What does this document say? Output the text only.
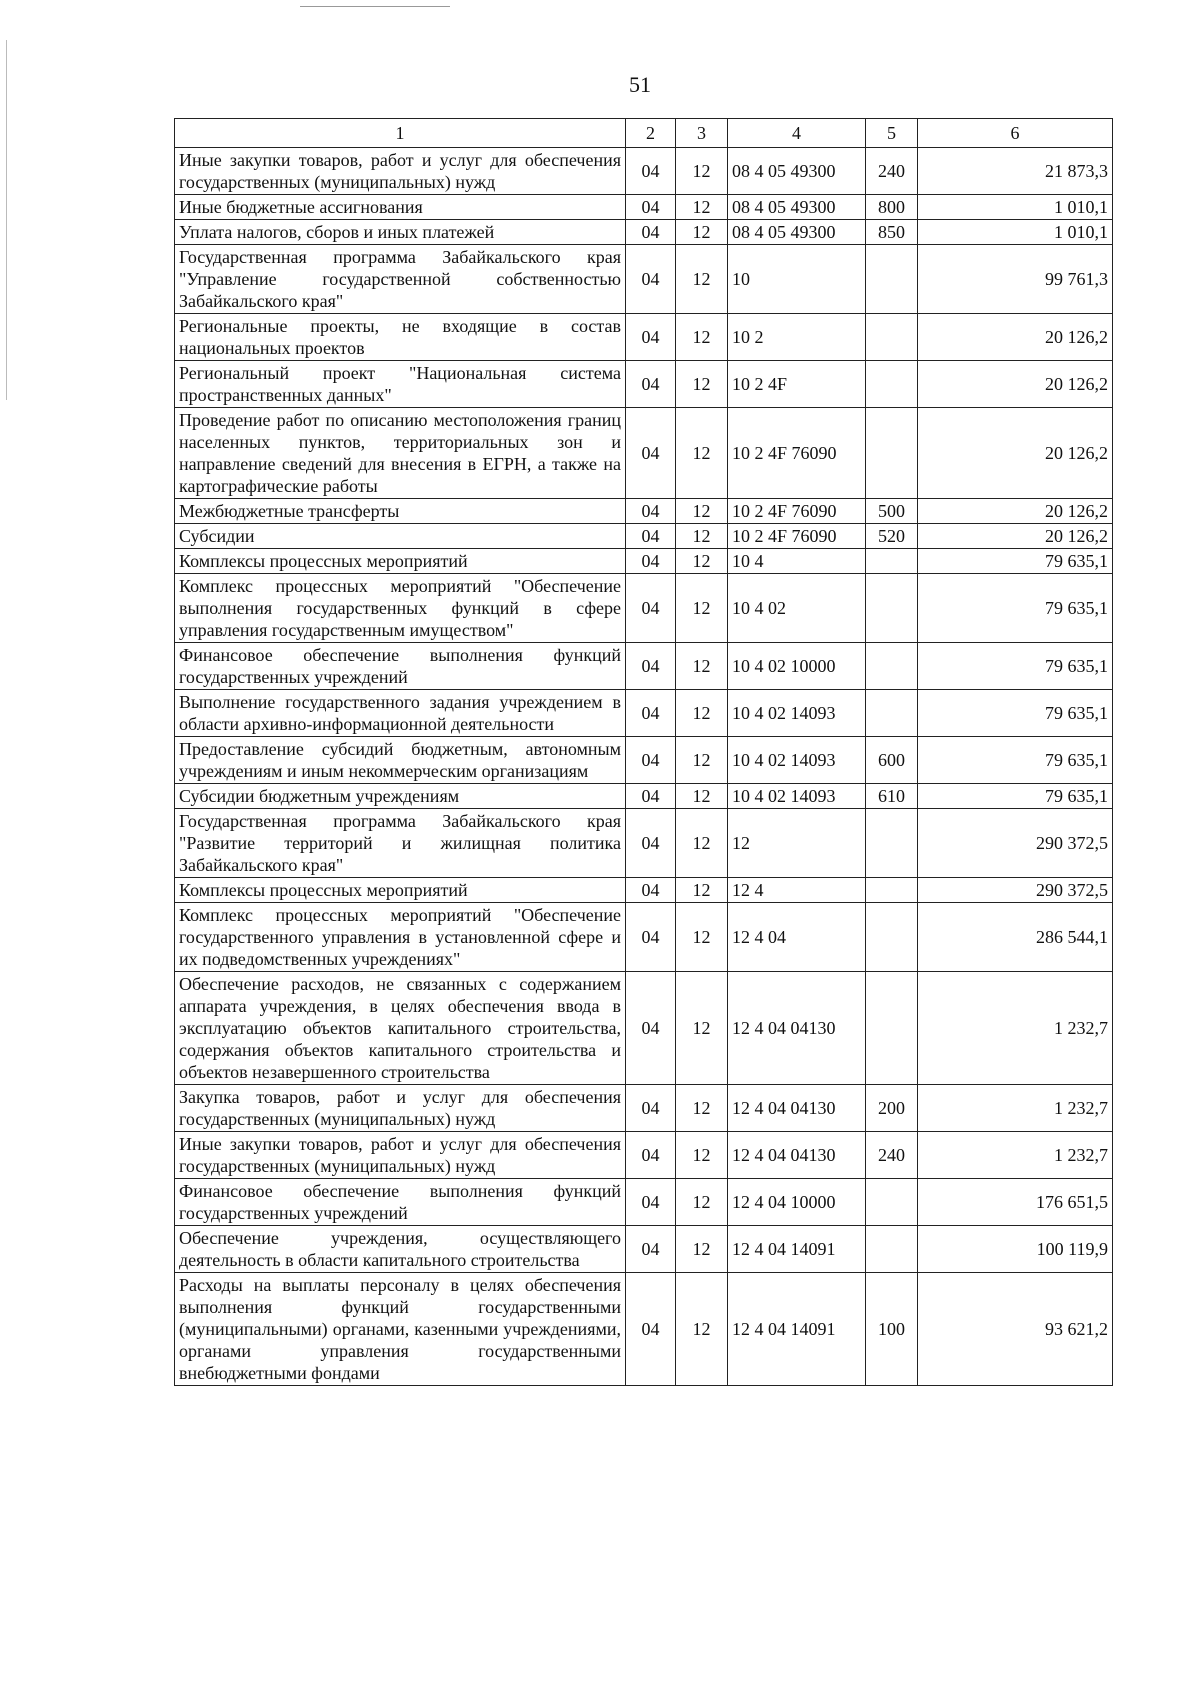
51
1	2	3	4	5	6
Иные закупки товаров, работ и услуг для обеспечения государственных (муниципальных) нужд	04	12	08 4 05 49300	240	21 873,3
Иные бюджетные ассигнования	04	12	08 4 05 49300	800	1 010,1
Уплата налогов, сборов и иных платежей	04	12	08 4 05 49300	850	1 010,1
Государственная программа Забайкальского края "Управление государственной собственностью Забайкальского края"	04	12	10		99 761,3
Региональные проекты, не входящие в состав национальных проектов	04	12	10 2		20 126,2
Региональный проект "Национальная система пространственных данных"	04	12	10 2 4F		20 126,2
Проведение работ по описанию местоположения границ населенных пунктов, территориальных зон и направление сведений для внесения в ЕГРН, а также на картографические работы	04	12	10 2 4F 76090		20 126,2
Межбюджетные трансферты	04	12	10 2 4F 76090	500	20 126,2
Субсидии	04	12	10 2 4F 76090	520	20 126,2
Комплексы процессных мероприятий	04	12	10 4		79 635,1
Комплекс процессных мероприятий "Обеспечение выполнения государственных функций в сфере управления государственным имуществом"	04	12	10 4 02		79 635,1
Финансовое обеспечение выполнения функций государственных учреждений	04	12	10 4 02 10000		79 635,1
Выполнение государственного задания учреждением в области архивно-информационной деятельности	04	12	10 4 02 14093		79 635,1
Предоставление субсидий бюджетным, автономным учреждениям и иным некоммерческим организациям	04	12	10 4 02 14093	600	79 635,1
Субсидии бюджетным учреждениям	04	12	10 4 02 14093	610	79 635,1
Государственная программа Забайкальского края "Развитие территорий и жилищная политика Забайкальского края"	04	12	12		290 372,5
Комплексы процессных мероприятий	04	12	12 4		290 372,5
Комплекс процессных мероприятий "Обеспечение государственного управления в установленной сфере и их подведомственных учреждениях"	04	12	12 4 04		286 544,1
Обеспечение расходов, не связанных с содержанием аппарата учреждения, в целях обеспечения ввода в эксплуатацию объектов капитального строительства, содержания объектов капитального строительства и объектов незавершенного строительства	04	12	12 4 04 04130		1 232,7
Закупка товаров, работ и услуг для обеспечения государственных (муниципальных) нужд	04	12	12 4 04 04130	200	1 232,7
Иные закупки товаров, работ и услуг для обеспечения государственных (муниципальных) нужд	04	12	12 4 04 04130	240	1 232,7
Финансовое обеспечение выполнения функций государственных учреждений	04	12	12 4 04 10000		176 651,5
Обеспечение учреждения, осуществляющего деятельность в области капитального строительства	04	12	12 4 04 14091		100 119,9
Расходы на выплаты персоналу в целях обеспечения выполнения функций государственными (муниципальными) органами, казенными учреждениями, органами управления государственными внебюджетными фондами	04	12	12 4 04 14091	100	93 621,2
